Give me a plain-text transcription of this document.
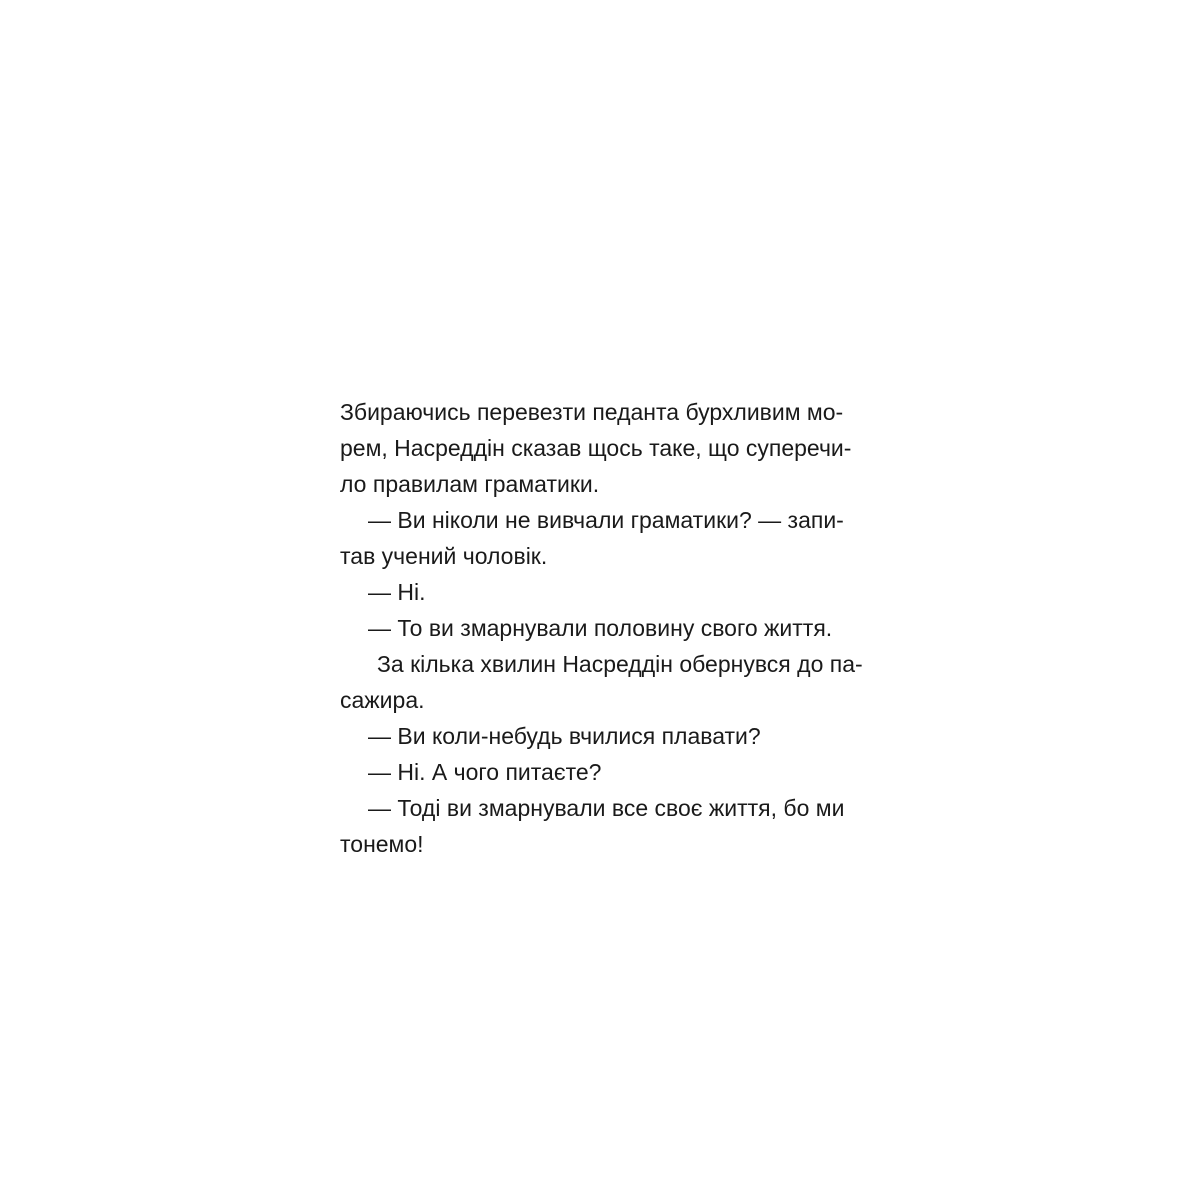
Збираючись перевезти педанта бурхливим мо-
рем, Насреддін сказав щось таке, що суперечи-
ло правилам граматики.
— Ви ніколи не вивчали граматики? — запи-
тав учений чоловік.
— Ні.
— То ви змарнували половину свого життя.
За кілька хвилин Насреддін обернувся до па-
сажира.
— Ви коли-небудь вчилися плавати?
— Ні. А чого питаєте?
— Тоді ви змарнували все своє життя, бо ми
тонемо!
